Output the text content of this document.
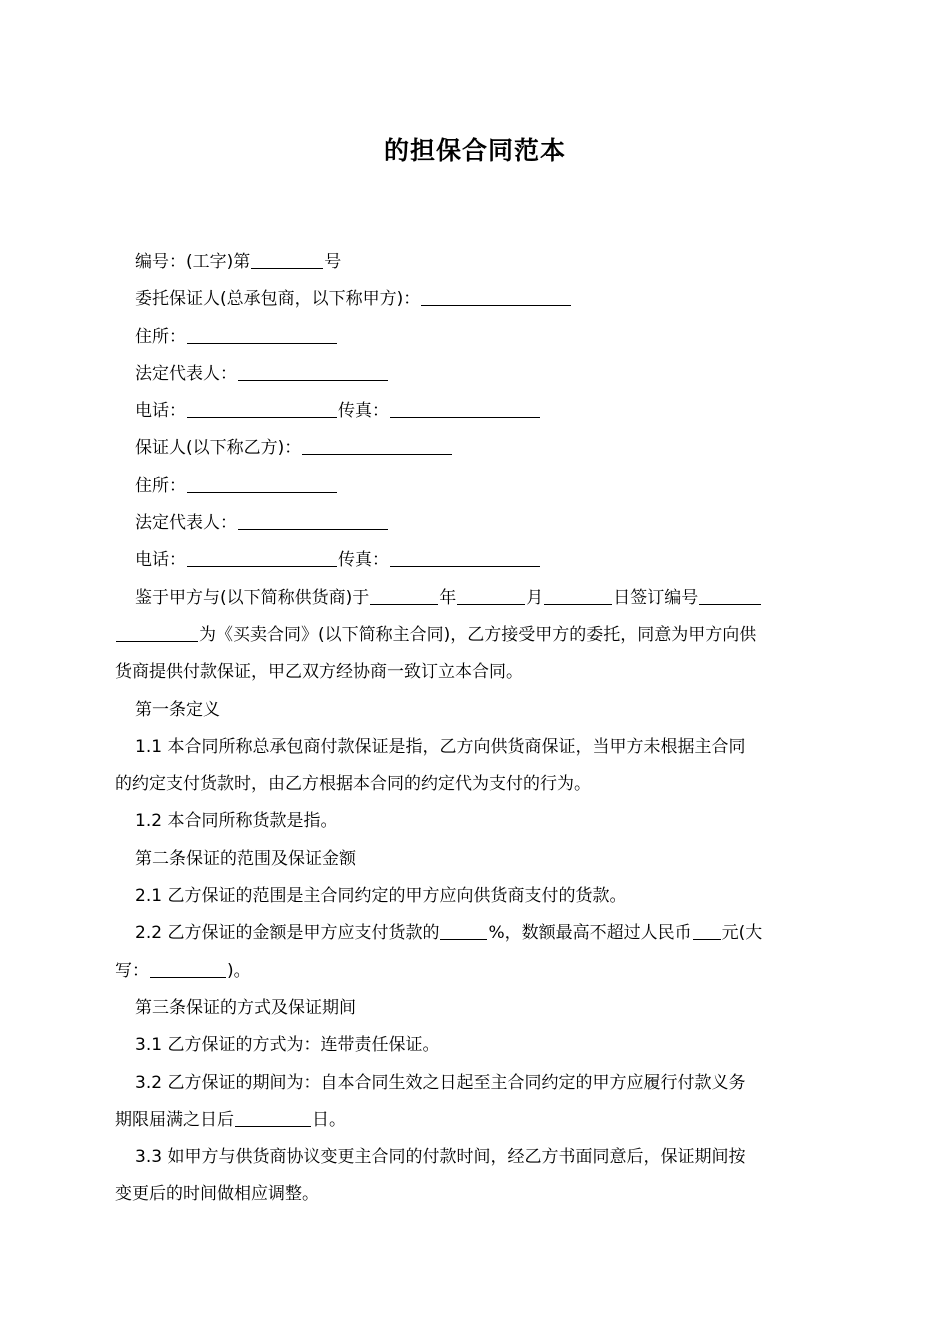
的担保合同范本
编号：(工字)第	号
委托保证人(总承包商，以下称甲方)：
住所：
法定代表人：
电话：	传真：
保证人(以下称乙方)：
住所：
法定代表人：
电话：	传真：
鉴于甲方与(以下简称供货商)于	年	月	日签订编号
为《买卖合同》(以下简称主合同)，乙方接受甲方的委托，同意为甲方向供
货商提供付款保证，甲乙双方经协商一致订立本合同。
第一条定义
1.1 本合同所称总承包商付款保证是指，乙方向供货商保证，当甲方未根据主合同
的约定支付货款时，由乙方根据本合同的约定代为支付的行为。
1.2 本合同所称货款是指。
第二条保证的范围及保证金额
2.1 乙方保证的范围是主合同约定的甲方应向供货商支付的货款。
2.2 乙方保证的金额是甲方应支付货款的	%，数额最高不超过人民币 元(大
写：	)。
第三条保证的方式及保证期间
3.1 乙方保证的方式为：连带责任保证。
3.2 乙方保证的期间为：自本合同生效之日起至主合同约定的甲方应履行付款义务
期限届满之日后	日。
3.3 如甲方与供货商协议变更主合同的付款时间，经乙方书面同意后，保证期间按
变更后的时间做相应调整。
